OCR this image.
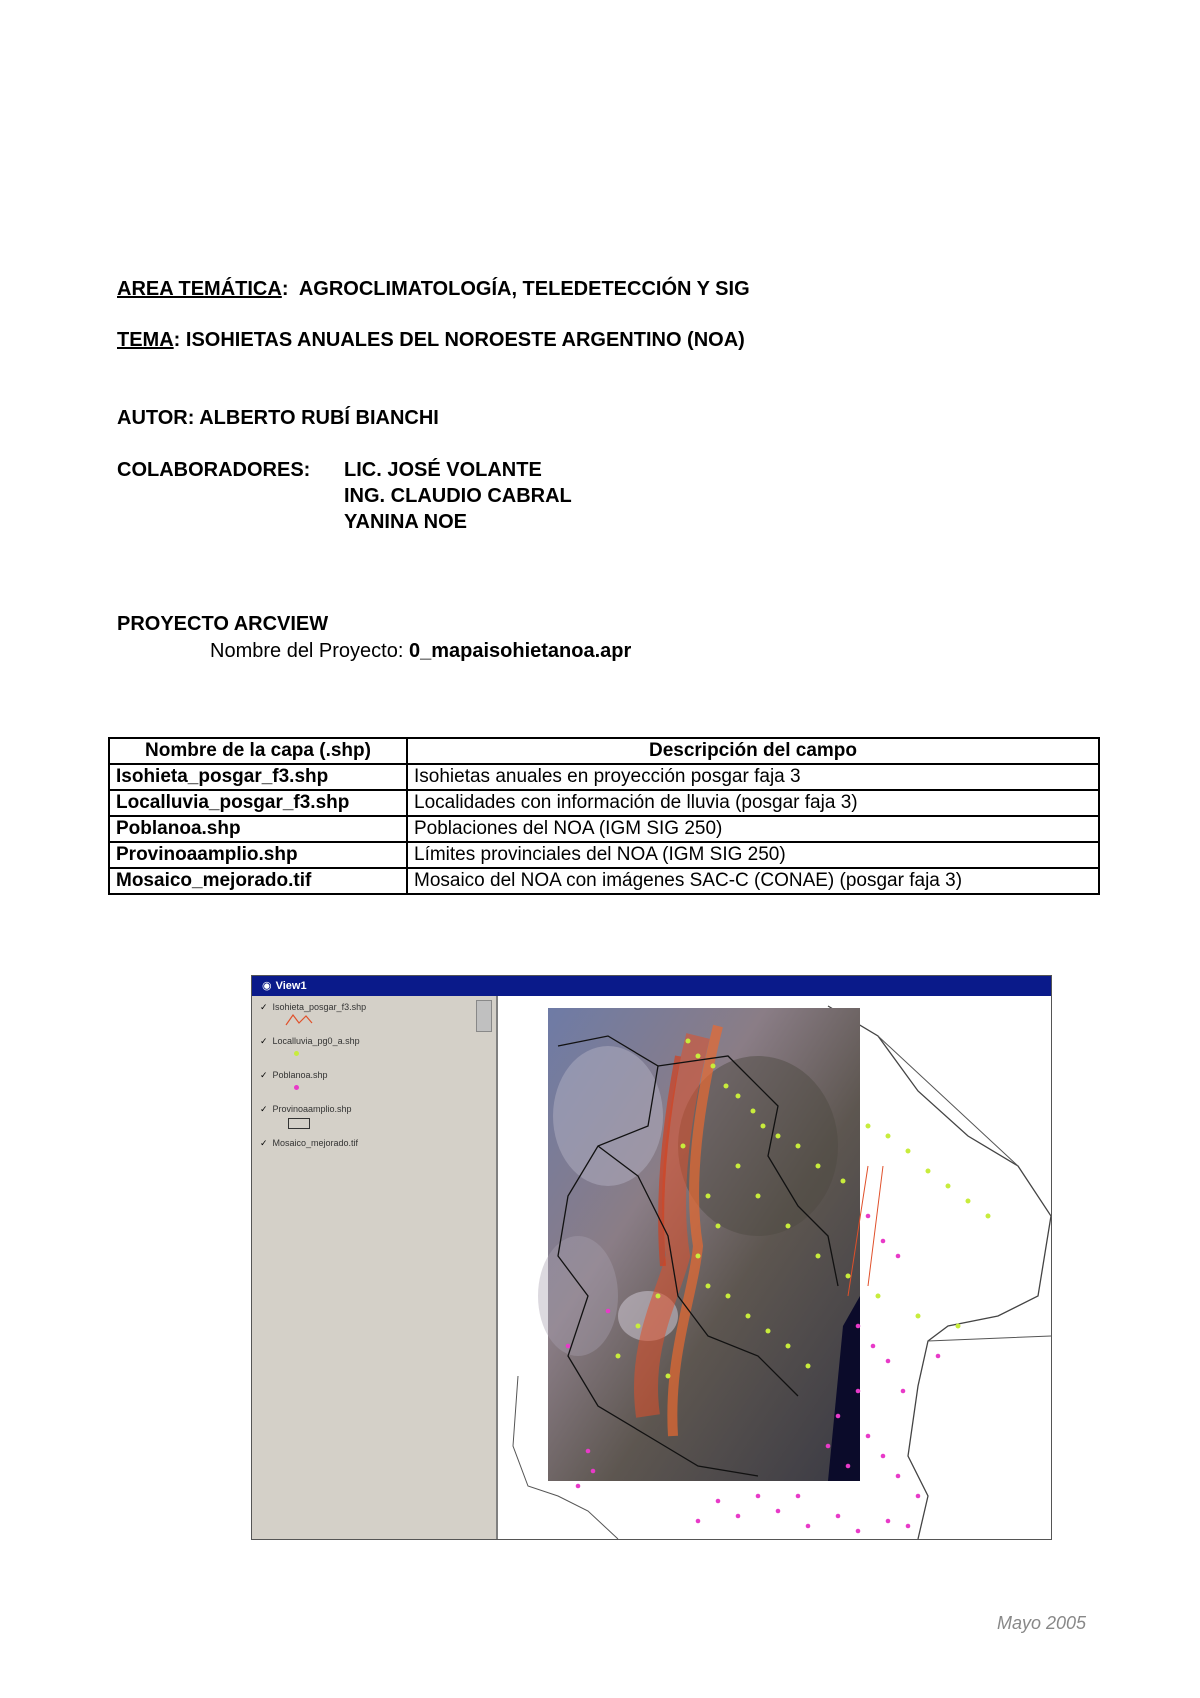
AREA TEMÁTICA: AGROCLIMATOLOGÍA, TELEDETECCIÓN Y SIG
TEMA: ISOHIETAS ANUALES DEL NOROESTE ARGENTINO (NOA)
AUTOR: ALBERTO RUBÍ BIANCHI
COLABORADORES: LIC. JOSÉ VOLANTE
ING. CLAUDIO CABRAL
YANINA NOE
PROYECTO ARCVIEW
Nombre del Proyecto: 0_mapaisohietanoa.apr
Nombre de la capa (.shp)	Descripción del campo
Isohieta_posgar_f3.shp	Isohietas anuales en proyección posgar faja 3
Localluvia_posgar_f3.shp	Localidades con información de lluvia (posgar faja 3)
Poblanoa.shp	Poblaciones del NOA (IGM SIG 250)
Provinoaamplio.shp	Límites provinciales del NOA (IGM SIG 250)
Mosaico_mejorado.tif	Mosaico del NOA con imágenes SAC-C (CONAE) (posgar faja 3)
◉ View1
✓ Isohieta_posgar_f3.shp
✓ Localluvia_pg0_a.shp
✓ Poblanoa.shp
✓ Provinoaamplio.shp
✓ Mosaico_mejorado.tif
Mayo 2005
